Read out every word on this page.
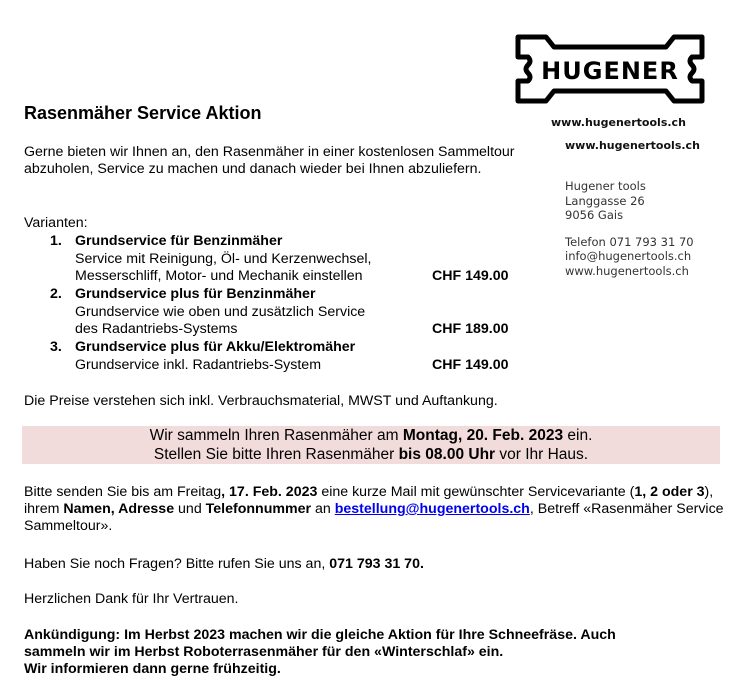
HUGENER
www.hugenertools.ch
www.hugenertools.ch
Hugener tools
Langgasse 26
9056 Gais
Telefon 071 793 31 70
info@hugenertools.ch
www.hugenertools.ch
Rasenmäher Service Aktion
Gerne bieten wir Ihnen an, den Rasenmäher in einer kostenlosen Sammeltour abzuholen, Service zu machen und danach wieder bei Ihnen abzuliefern.
Varianten:
1. Grundservice für Benzinmäher
Service mit Reinigung, Öl- und Kerzenwechsel,
Messerschliff, Motor- und Mechanik einstellen	CHF 149.00
2. Grundservice plus für Benzinmäher
Grundservice wie oben und zusätzlich Service
des Radantriebs-Systems	CHF 189.00
3. Grundservice plus für Akku/Elektromäher
Grundservice inkl. Radantriebs-System	CHF 149.00
Die Preise verstehen sich inkl. Verbrauchsmaterial, MWST und Auftankung.
Wir sammeln Ihren Rasenmäher am Montag, 20. Feb. 2023 ein.
Stellen Sie bitte Ihren Rasenmäher bis 08.00 Uhr vor Ihr Haus.
Bitte senden Sie bis am Freitag, 17. Feb. 2023 eine kurze Mail mit gewünschter Servicevariante (1, 2 oder 3), ihrem Namen, Adresse und Telefonnummer an bestellung@hugenertools.ch, Betreff «Rasenmäher Service Sammeltour».
Haben Sie noch Fragen? Bitte rufen Sie uns an, 071 793 31 70.
Herzlichen Dank für Ihr Vertrauen.
Ankündigung: Im Herbst 2023 machen wir die gleiche Aktion für Ihre Schneefräse. Auch
sammeln wir im Herbst Roboterrasenmäher für den «Winterschlaf» ein.
Wir informieren dann gerne frühzeitig.
